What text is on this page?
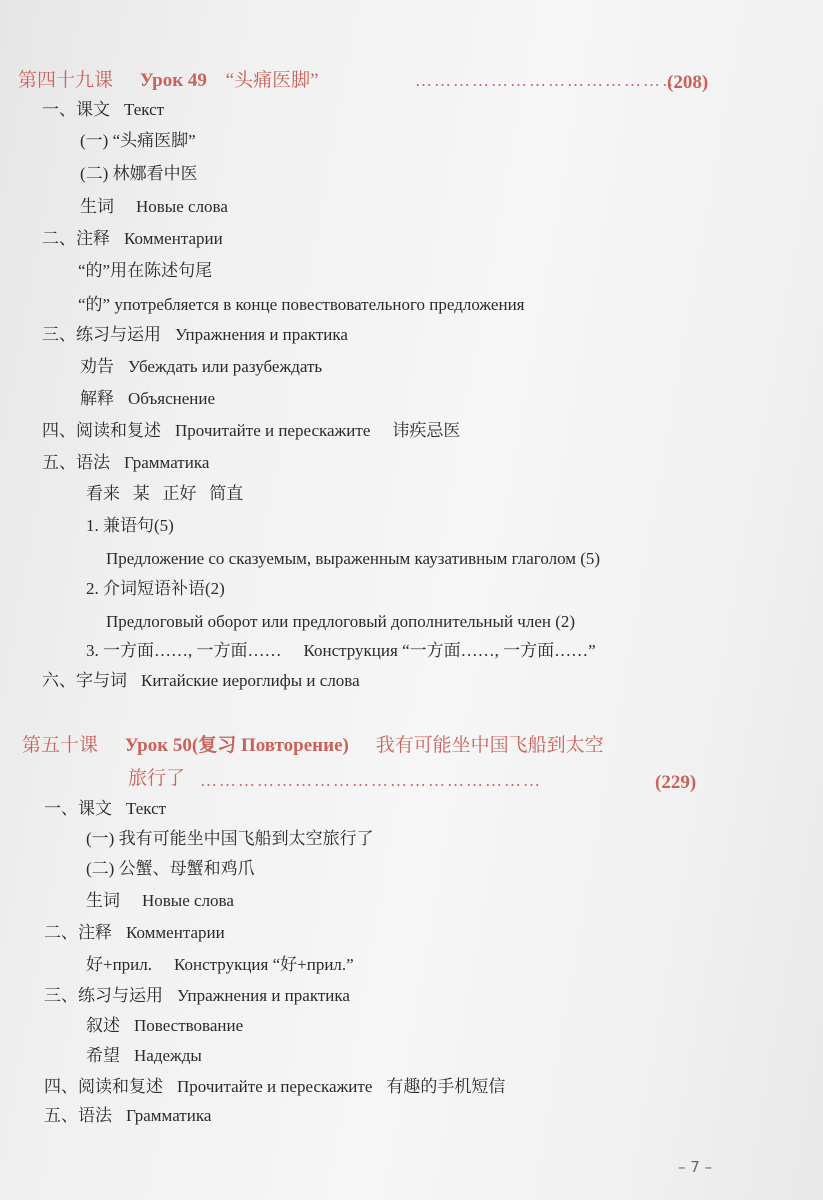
第四十九课 Урок 49 “头痛医脚”	……………………………………
(208)
一、课文 Текст
(一) “头痛医脚”
(二) 林娜看中医
生词 Новые слова
二、注释 Комментарии
“的”用在陈述句尾
“的” употребляется в конце повествовательного предложения
三、练习与运用 Упражнения и практика
劝告 Убеждать или разубеждать
解释 Объяснение
四、阅读和复述 Прочитайте и перескажите 讳疾忌医
五、语法 Грамматика
看来   某   正好   简直
1. 兼语句(5)
Предложение со сказуемым, выраженным каузативным глаголом (5)
2. 介词短语补语(2)
Предлоговый оборот или предлоговый дополнительный член (2)
3. 一方面……, 一方面…… Конструкция “一方面……, 一方面……”
六、字与词 Китайские иероглифы и слова
第五十课 Урок 50(复习 Повторение) 我有可能坐中国飞船到太空
旅行了 ………………………………………………	(229)
一、课文 Текст
(一) 我有可能坐中国飞船到太空旅行了
(二) 公蟹、母蟹和鸡爪
生词 Новые слова
二、注释 Комментарии
好+прил. Конструкция “好+прил.”
三、练习与运用 Упражнения и практика
叙述 Повествование
希望 Надежды
四、阅读和复述 Прочитайте и перескажите 有趣的手机短信
五、语法 Грамматика
– 7 –
